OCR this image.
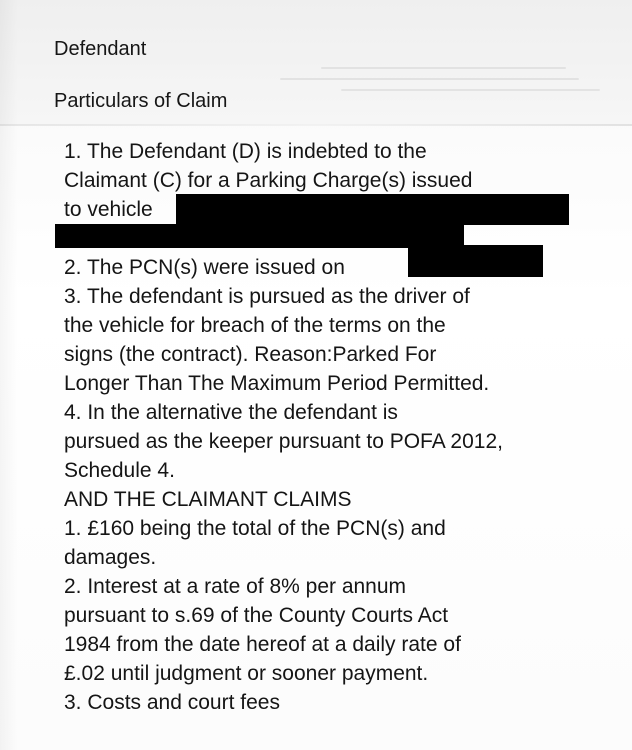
Defendant
Particulars of Claim
1. The Defendant (D) is indebted to the
Claimant (C) for a Parking Charge(s) issued
to vehicle
2. The PCN(s) were issued on
3. The defendant is pursued as the driver of
the vehicle for breach of the terms on the
signs (the contract). Reason:Parked For
Longer Than The Maximum Period Permitted.
4. In the alternative the defendant is
pursued as the keeper pursuant to POFA 2012,
Schedule 4.
AND THE CLAIMANT CLAIMS
1. £160 being the total of the PCN(s) and
damages.
2. Interest at a rate of 8% per annum
pursuant to s.69 of the County Courts Act
1984 from the date hereof at a daily rate of
£.02 until judgment or sooner payment.
3. Costs and court fees
